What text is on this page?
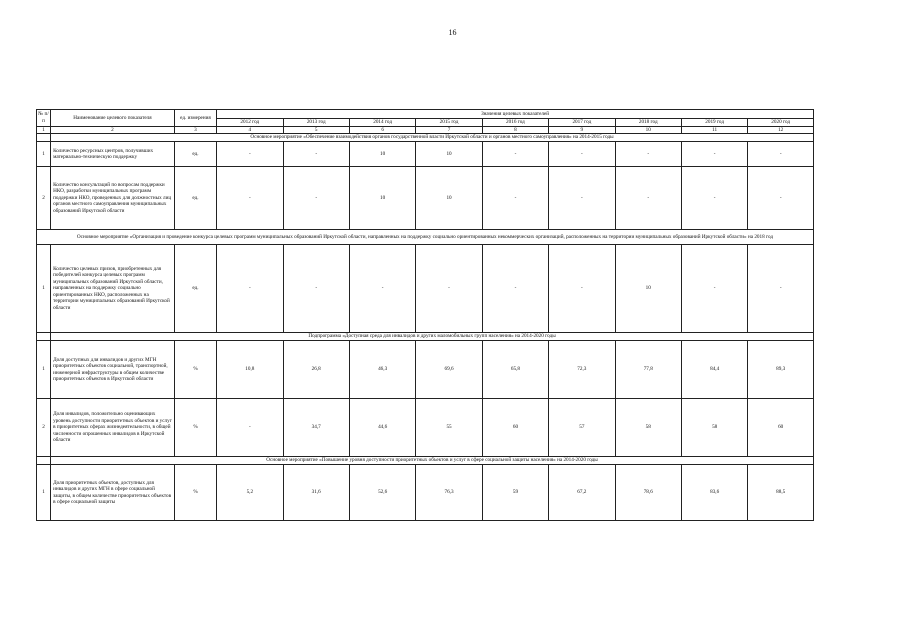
16
№ п/п	Наименование целевого показателя	ед. измерения	Значения целевых показателей								
			2012 год	2013 год	2014 год	2015 год	2016 год	2017 год	2018 год	2019 год	2020 год
1	2	3	4	5	6	7	8	9	10	11	12
	Основное мероприятие «Обеспечение взаимодействия органов государственной власти Иркутской области и органов местного самоуправления» на 2014-2015 годы										
1	Количество ресурсных центров, получивших материально-техническую поддержку	ед.	-	-	10	10	-	-	-	-	-
2	Количество консультаций по вопросам поддержки НКО, разработки муниципальных программ поддержки НКО, проведенных для должностных лиц органов местного самоуправления муниципальных образований Иркутской области	ед.	-	-	10	10	-	-	-	-	-
Основное мероприятие «Организация и проведение конкурса целевых программ муниципальных образований Иркутской области, направленных на поддержку социально ориентированных некоммерческих организаций, расположенных на территории муниципальных образований Иркутской области» на 2018 год											
1	Количество целевых призов, приобретенных для победителей конкурса целевых программ муниципальных образований Иркутской области, направленных на поддержку социально ориентированных НКО, расположенных на территории муниципальных образований Иркутской области	ед.	-	-	-	-	-	-	10	-	-
	Подпрограмма «Доступная среда для инвалидов и других маломобильных групп населения» на 2014-2020 годы										
1	Доля доступных для инвалидов и других МГН приоритетных объектов социальной, транспортной, инженерной инфраструктуры в общем количестве приоритетных объектов в Иркутской области	%	10,8	26,8	46,3	69,6	65,8	72,3	77,8	84,4	89,3
2	Доля инвалидов, положительно оценивающих уровень доступности приоритетных объектов и услуг в приоритетных сферах жизнедеятельности, в общей численности опрошенных инвалидов в Иркутской области	%	-	34,7	44,6	55	60	57	58	58	60
	Основное мероприятие «Повышение уровня доступности приоритетных объектов и услуг в сфере социальной защиты населения» на 2014-2020 годы										
1	Доля приоритетных объектов, доступных для инвалидов и других МГН в сфере социальной защиты, в общем количестве приоритетных объектов в сфере социальной защиты	%	5,2	31,6	52,6	76,3	59	67,2	78,6	83,6	88,5
